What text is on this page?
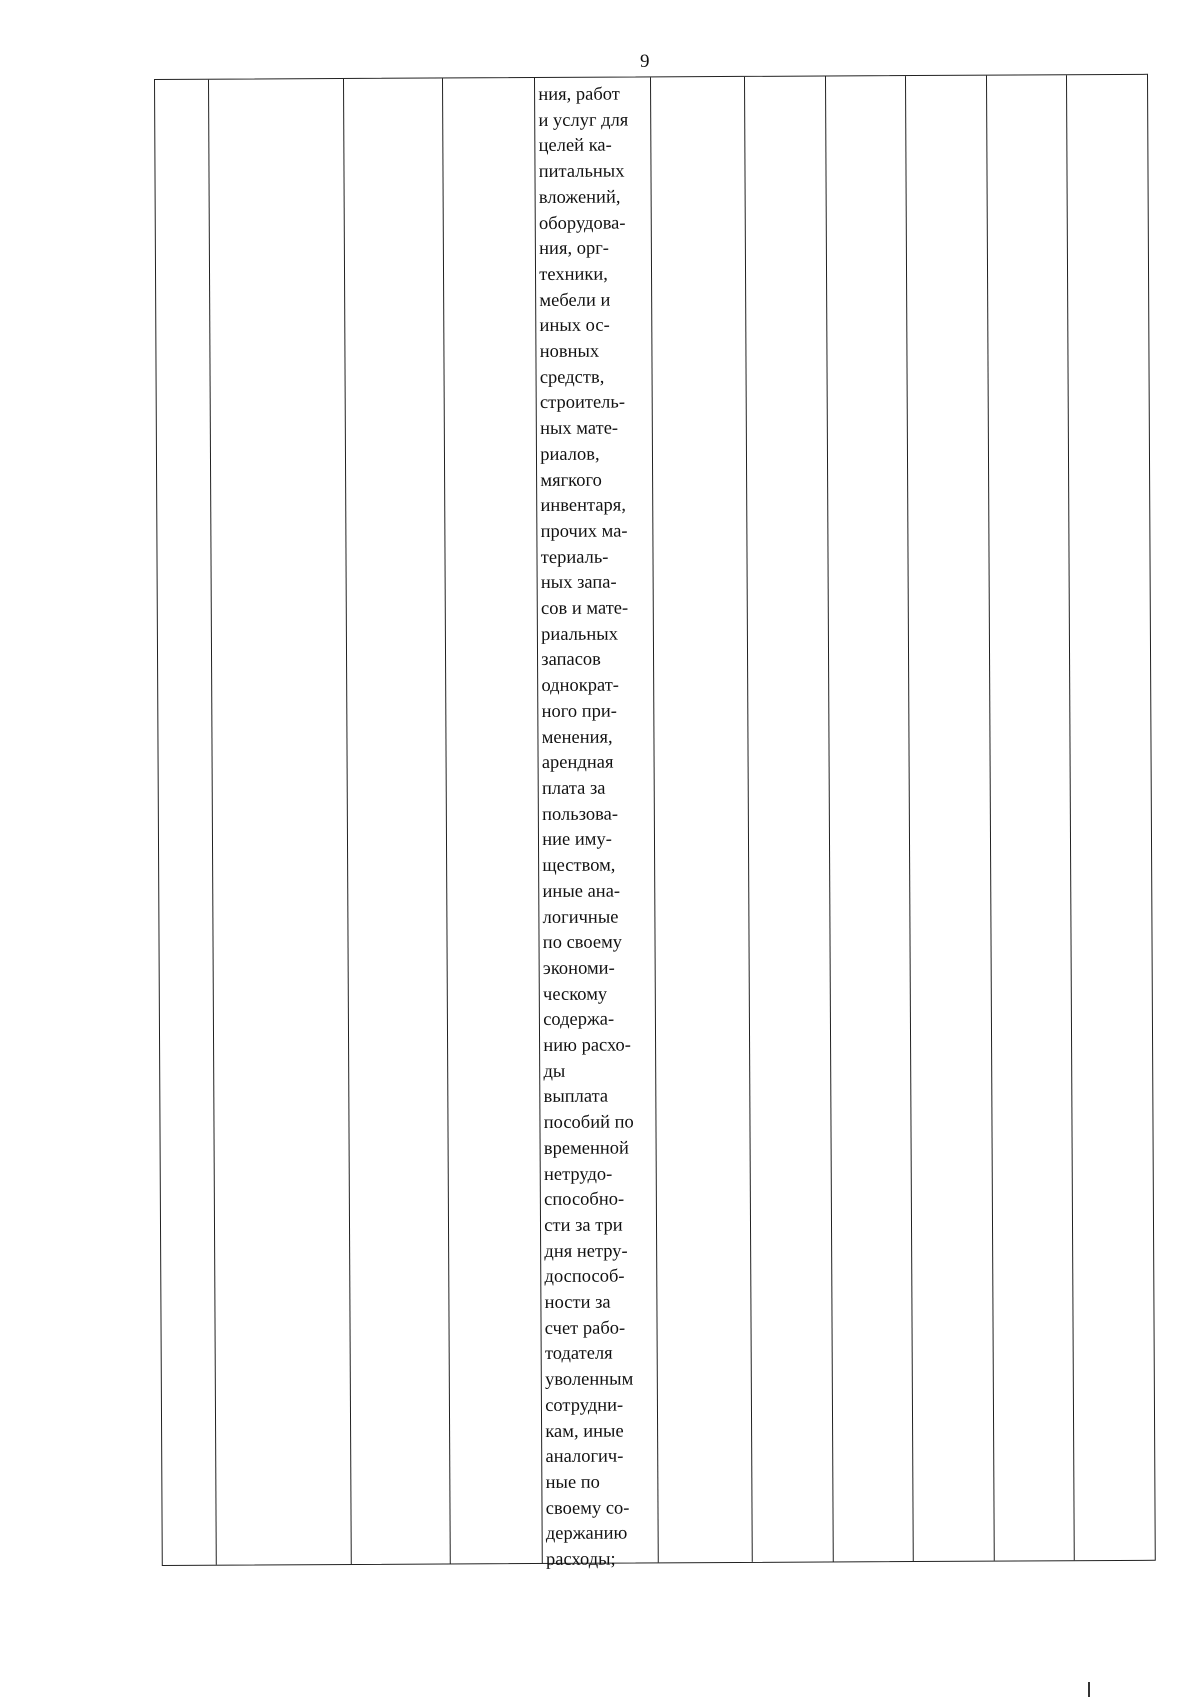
9
ния, работ
и услуг для
целей ка-
питальных
вложений,
оборудова-
ния, орг-
техники,
мебели и
иных ос-
новных
средств,
строитель-
ных мате-
риалов,
мягкого
инвентаря,
прочих ма-
териаль-
ных запа-
сов и мате-
риальных
запасов
однократ-
ного при-
менения,
арендная
плата за
пользова-
ние иму-
ществом,
иные ана-
логичные
по своему
экономи-
ческому
содержа-
нию расхо-
ды
выплата
пособий по
временной
нетрудо-
способно-
сти за три
дня нетру-
доспособ-
ности за
счет рабо-
тодателя
уволенным
сотрудни-
кам, иные
аналогич-
ные по
своему со-
держанию
расходы;
